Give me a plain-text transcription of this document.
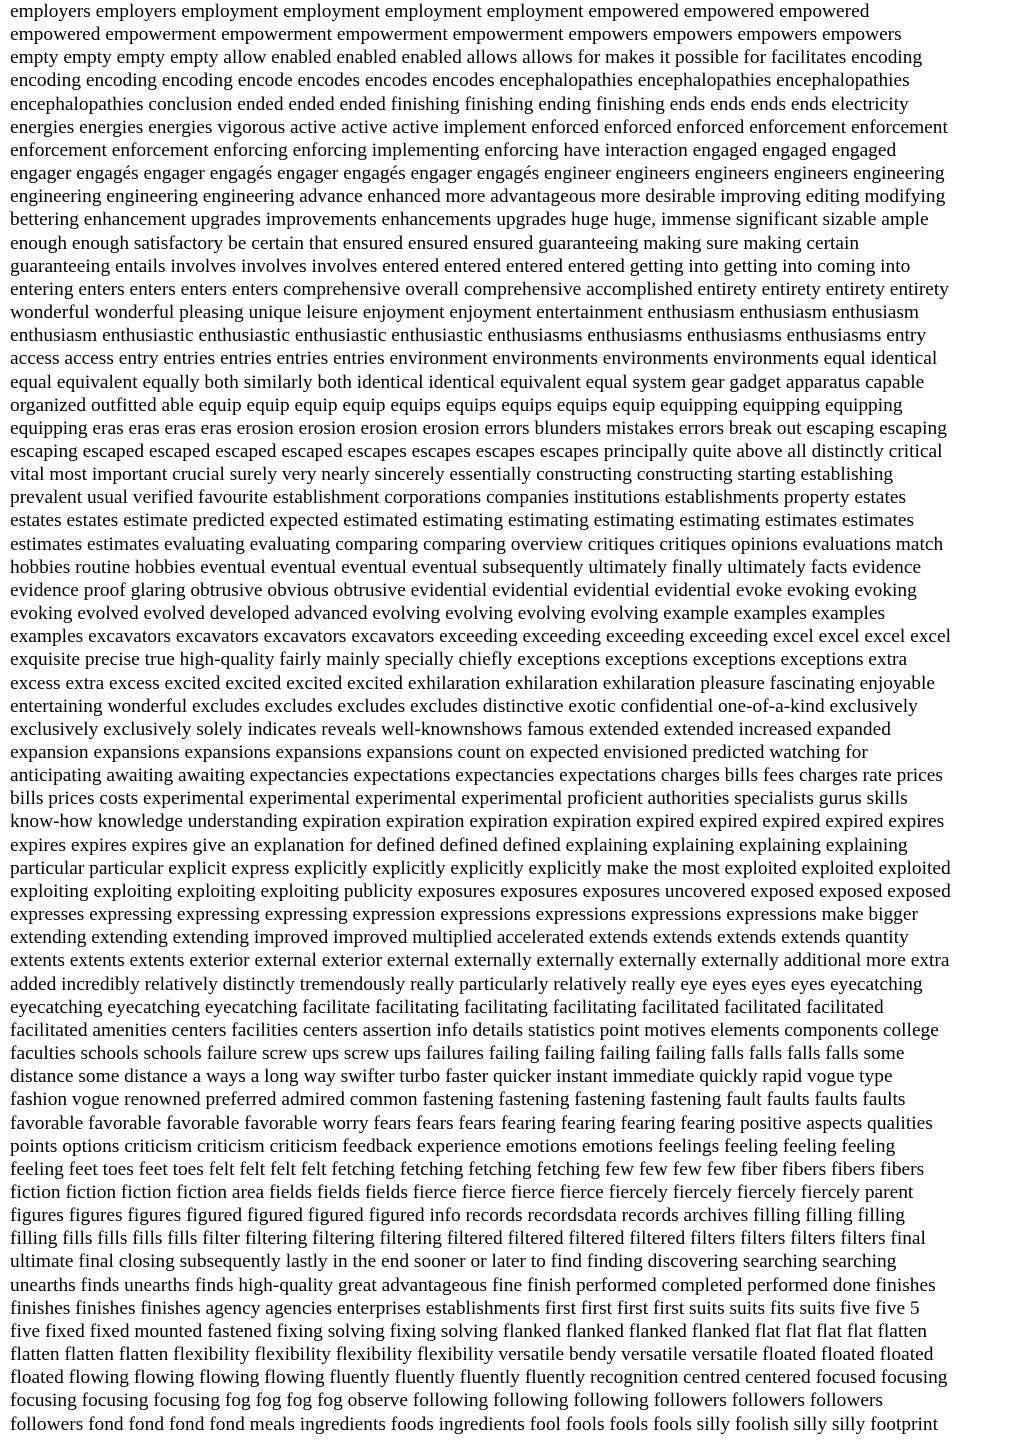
employers employers employment employment employment employment empowered empowered empowered
empowered empowerment empowerment empowerment empowerment empowers empowers empowers empowers
empty empty empty empty allow enabled enabled enabled allows allows for makes it possible for facilitates encoding
encoding encoding encoding encode encodes encodes encodes encephalopathies encephalopathies encephalopathies
encephalopathies conclusion ended ended ended finishing finishing ending finishing ends ends ends ends electricity
energies energies energies vigorous active active active implement enforced enforced enforced enforcement enforcement
enforcement enforcement enforcing enforcing implementing enforcing have interaction engaged engaged engaged
engager engagés engager engagés engager engagés engager engagés engineer engineers engineers engineers engineering
engineering engineering engineering advance enhanced more advantageous more desirable improving editing modifying
bettering enhancement upgrades improvements enhancements upgrades huge huge, immense significant sizable ample
enough enough satisfactory be certain that ensured ensured ensured guaranteeing making sure making certain
guaranteeing entails involves involves involves entered entered entered entered getting into getting into coming into
entering enters enters enters enters comprehensive overall comprehensive accomplished entirety entirety entirety entirety
wonderful wonderful pleasing unique leisure enjoyment enjoyment entertainment enthusiasm enthusiasm enthusiasm
enthusiasm enthusiastic enthusiastic enthusiastic enthusiastic enthusiasms enthusiasms enthusiasms enthusiasms entry
access access entry entries entries entries entries environment environments environments environments equal identical
equal equivalent equally both similarly both identical identical equivalent equal system gear gadget apparatus capable
organized outfitted able equip equip equip equip equips equips equips equips equip equipping equipping equipping
equipping eras eras eras eras erosion erosion erosion erosion errors blunders mistakes errors break out escaping escaping
escaping escaped escaped escaped escaped escapes escapes escapes escapes principally quite above all distinctly critical
vital most important crucial surely very nearly sincerely essentially constructing constructing starting establishing
prevalent usual verified favourite establishment corporations companies institutions establishments property estates
estates estates estimate predicted expected estimated estimating estimating estimating estimating estimates estimates
estimates estimates evaluating evaluating comparing comparing overview critiques critiques opinions evaluations match
hobbies routine hobbies eventual eventual eventual eventual subsequently ultimately finally ultimately facts evidence
evidence proof glaring obtrusive obvious obtrusive evidential evidential evidential evidential evoke evoking evoking
evoking evolved evolved developed advanced evolving evolving evolving evolving example examples examples
examples excavators excavators excavators excavators exceeding exceeding exceeding exceeding excel excel excel excel
exquisite precise true high-quality fairly mainly specially chiefly exceptions exceptions exceptions exceptions extra
excess extra excess excited excited excited excited exhilaration exhilaration exhilaration pleasure fascinating enjoyable
entertaining wonderful excludes excludes excludes excludes distinctive exotic confidential one-of-a-kind exclusively
exclusively exclusively solely indicates reveals well-knownshows famous extended extended increased expanded
expansion expansions expansions expansions expansions count on expected envisioned predicted watching for
anticipating awaiting awaiting expectancies expectations expectancies expectations charges bills fees charges rate prices
bills prices costs experimental experimental experimental experimental proficient authorities specialists gurus skills
know-how knowledge understanding expiration expiration expiration expiration expired expired expired expired expires
expires expires expires give an explanation for defined defined defined explaining explaining explaining explaining
particular particular explicit express explicitly explicitly explicitly explicitly make the most exploited exploited exploited
exploiting exploiting exploiting exploiting publicity exposures exposures exposures uncovered exposed exposed exposed
expresses expressing expressing expressing expression expressions expressions expressions expressions make bigger
extending extending extending improved improved multiplied accelerated extends extends extends extends quantity
extents extents extents exterior external exterior external externally externally externally externally additional more extra
added incredibly relatively distinctly tremendously really particularly relatively really eye eyes eyes eyes eyecatching
eyecatching eyecatching eyecatching facilitate facilitating facilitating facilitating facilitated facilitated facilitated
facilitated amenities centers facilities centers assertion info details statistics point motives elements components college
faculties schools schools failure screw ups screw ups failures failing failing failing failing falls falls falls falls some
distance some distance a ways a long way swifter turbo faster quicker instant immediate quickly rapid vogue type
fashion vogue renowned preferred admired common fastening fastening fastening fastening fault faults faults faults
favorable favorable favorable favorable worry fears fears fears fearing fearing fearing fearing positive aspects qualities
points options criticism criticism criticism feedback experience emotions emotions feelings feeling feeling feeling
feeling feet toes feet toes felt felt felt felt fetching fetching fetching fetching few few few few fiber fibers fibers fibers
fiction fiction fiction fiction area fields fields fields fierce fierce fierce fierce fiercely fiercely fiercely fiercely parent
figures figures figures figured figured figured figured info records recordsdata records archives filling filling filling
filling fills fills fills fills filter filtering filtering filtering filtered filtered filtered filtered filters filters filters filters final
ultimate final closing subsequently lastly in the end sooner or later to find finding discovering searching searching
unearths finds unearths finds high-quality great advantageous fine finish performed completed performed done finishes
finishes finishes finishes agency agencies enterprises establishments first first first first suits suits fits suits five five 5
five fixed fixed mounted fastened fixing solving fixing solving flanked flanked flanked flanked flat flat flat flat flatten
flatten flatten flatten flexibility flexibility flexibility flexibility versatile bendy versatile versatile floated floated floated
floated flowing flowing flowing flowing fluently fluently fluently fluently recognition centred centered focused focusing
focusing focusing focusing fog fog fog fog observe following following following followers followers followers
followers fond fond fond fond meals ingredients foods ingredients fool fools fools fools silly foolish silly silly footprint
